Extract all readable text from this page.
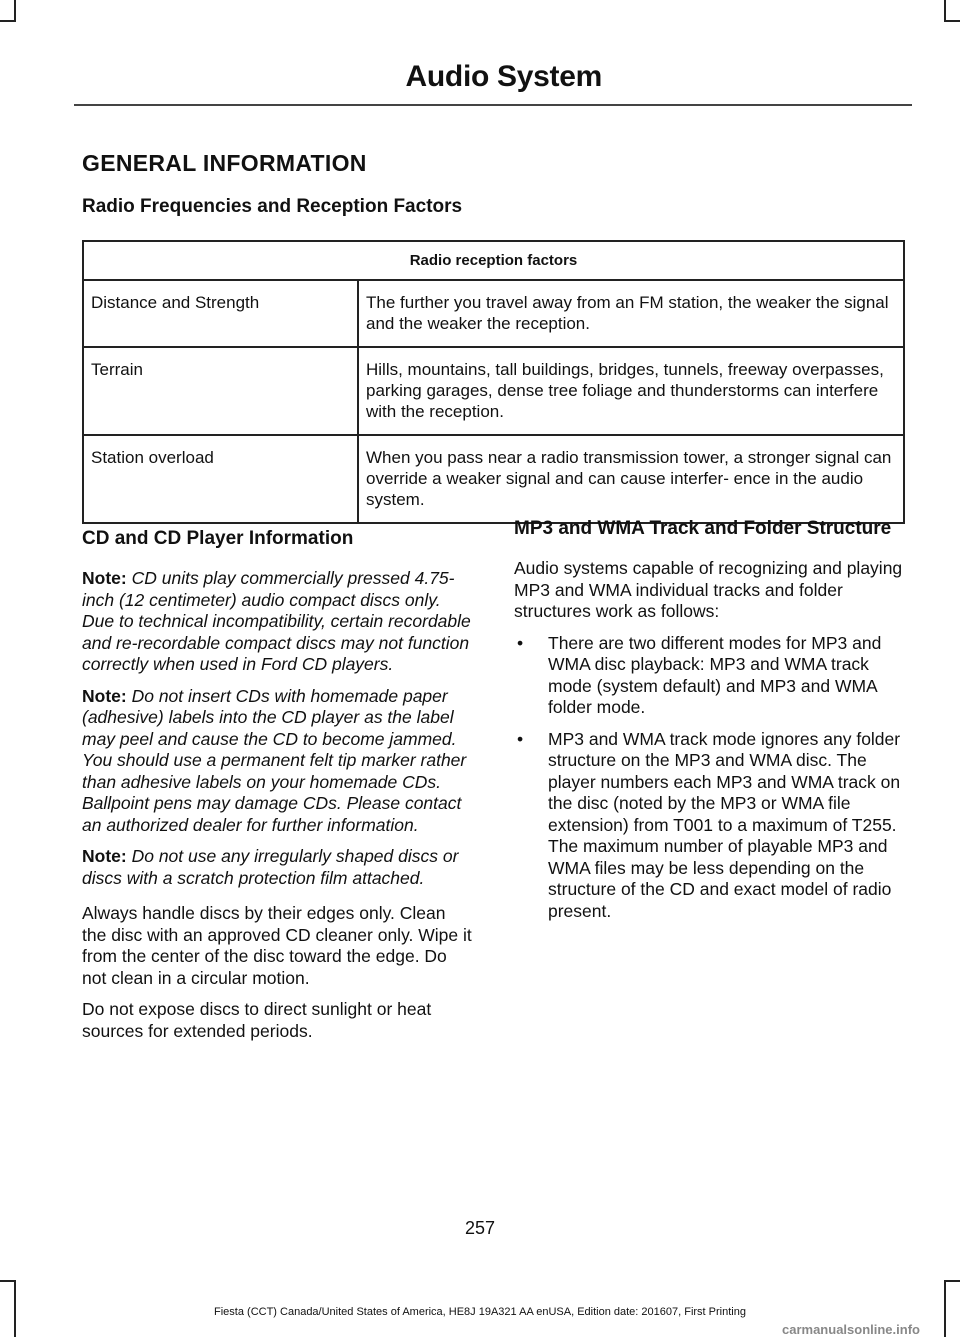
Audio System
GENERAL INFORMATION
Radio Frequencies and Reception Factors
Radio reception factors	
Distance and Strength	The further you travel away from an FM station, the weaker the signal and the weaker the reception.
Terrain	Hills, mountains, tall buildings, bridges, tunnels, freeway overpasses, parking garages, dense tree foliage and thunderstorms can interfere with the reception.
Station overload	When you pass near a radio transmission tower, a stronger signal can override a weaker signal and can cause interfer- ence in the audio system.
CD and CD Player Information

Note: CD units play commercially pressed 4.75-inch (12 centimeter) audio compact discs only. Due to technical incompatibility, certain recordable and re-recordable compact discs may not function correctly when used in Ford CD players.

Note: Do not insert CDs with homemade paper (adhesive) labels into the CD player as the label may peel and cause the CD to become jammed. You should use a permanent felt tip marker rather than adhesive labels on your homemade CDs. Ballpoint pens may damage CDs. Please contact an authorized dealer for further information.

Note: Do not use any irregularly shaped discs or discs with a scratch protection film attached.

Always handle discs by their edges only. Clean the disc with an approved CD cleaner only. Wipe it from the center of the disc toward the edge. Do not clean in a circular motion.

Do not expose discs to direct sunlight or heat sources for extended periods.

MP3 and WMA Track and Folder Structure

Audio systems capable of recognizing and playing MP3 and WMA individual tracks and folder structures work as follows:

• There are two different modes for MP3 and WMA disc playback: MP3 and WMA track mode (system default) and MP3 and WMA folder mode.
• MP3 and WMA track mode ignores any folder structure on the MP3 and WMA disc. The player numbers each MP3 and WMA track on the disc (noted by the MP3 or WMA file extension) from T001 to a maximum of T255. The maximum number of playable MP3 and WMA files may be less depending on the structure of the CD and exact model of radio present.
257
Fiesta (CCT) Canada/United States of America, HE8J 19A321 AA enUSA, Edition date: 201607, First Printing
carmanualsonline.info
